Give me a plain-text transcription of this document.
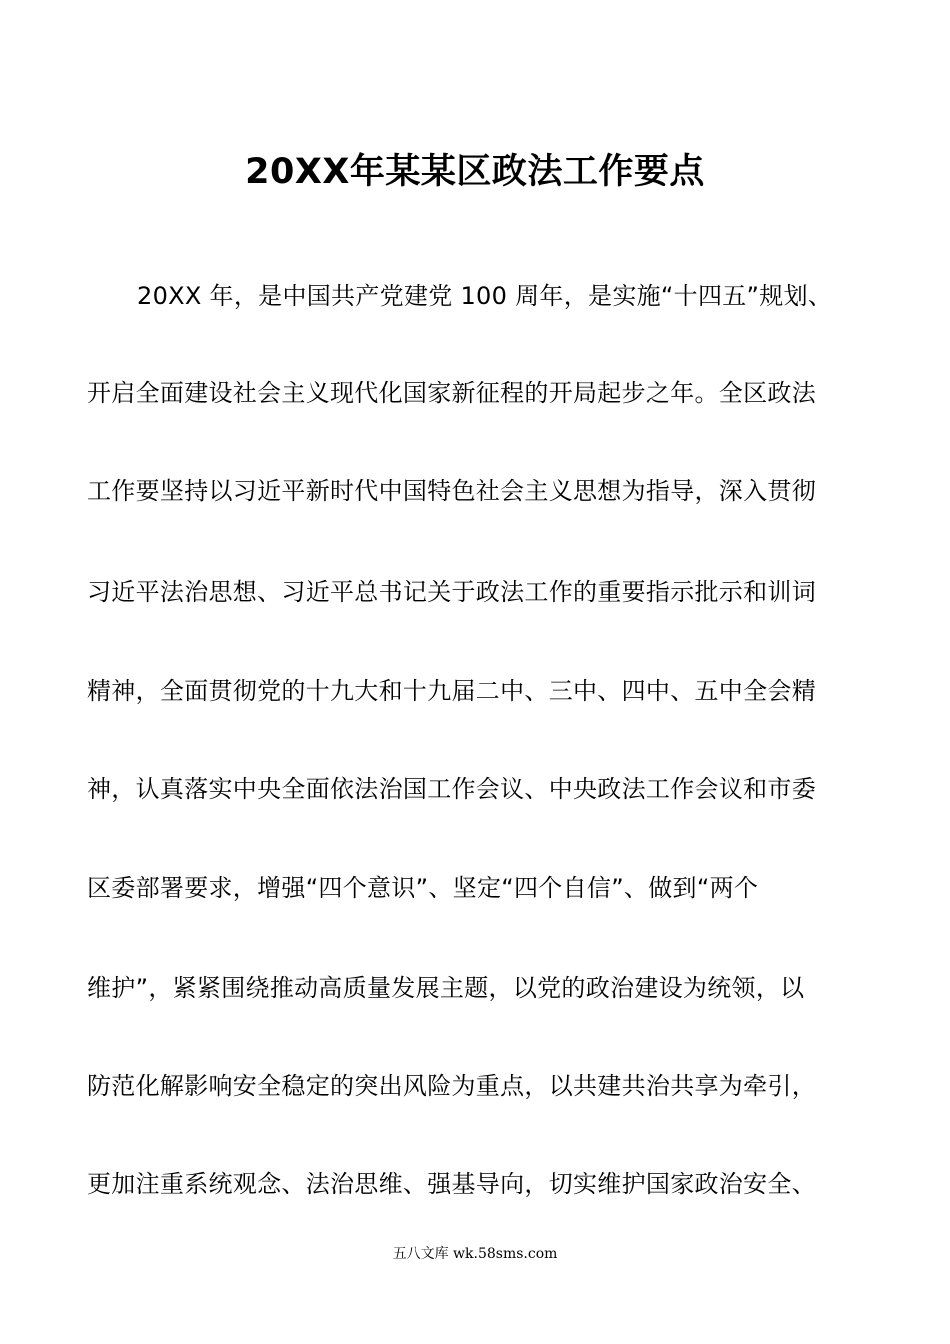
20XX年某某区政法工作要点
20XX 年，是中国共产党建党 100 周年，是实施“十四五”规划、
开启全面建设社会主义现代化国家新征程的开局起步之年。全区政法
工作要坚持以习近平新时代中国特色社会主义思想为指导，深入贯彻
习近平法治思想、习近平总书记关于政法工作的重要指示批示和训词
精神，全面贯彻党的十九大和十九届二中、三中、四中、五中全会精
神，认真落实中央全面依法治国工作会议、中央政法工作会议和市委
区委部署要求，增强“四个意识”、坚定“四个自信”、做到“两个
维护”，紧紧围绕推动高质量发展主题，以党的政治建设为统领，以
防范化解影响安全稳定的突出风险为重点，以共建共治共享为牵引，
更加注重系统观念、法治思维、强基导向，切实维护国家政治安全、
五八文库 wk.58sms.com
